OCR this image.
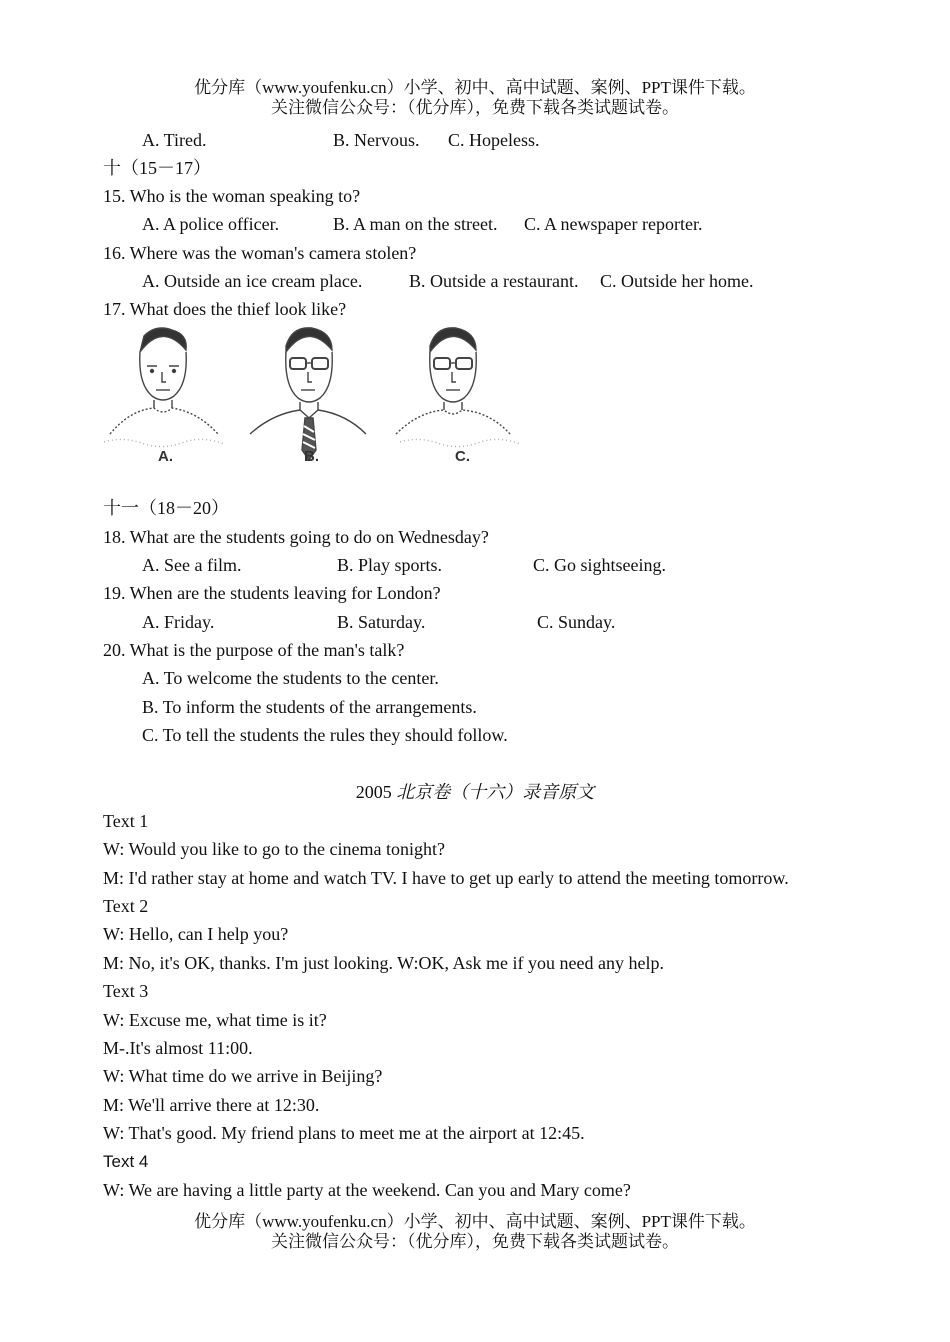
优分库（www.youfenku.cn）小学、初中、高中试题、案例、PPT课件下载。
关注微信公众号：（优分库），免费下载各类试题试卷。
A. Tired.	B. Nervous. C. Hopeless.
十（15－17）
15. Who is the woman speaking to?
A. A police officer.	B. A man on the street. C. A newspaper reporter.
16. Where was the woman's camera stolen?
A. Outside an ice cream place.	B. Outside a restaurant. C. Outside her home.
17. What does the thief look like?
A.	B.	C.
十一（18－20）
18. What are the students going to do on Wednesday?
A. See a film.	B. Play sports.	C. Go sightseeing.
19. When are the students leaving for London?
A. Friday.	B. Saturday.	C. Sunday.
20. What is the purpose of the man's talk?
A. To welcome the students to the center.
B. To inform the students of the arrangements.
C. To tell the students the rules they should follow.
2005 北京卷（十六）录音原文
Text 1
W: Would you like to go to the cinema tonight?
M: I'd rather stay at home and watch TV. I have to get up early to attend the meeting tomorrow.
Text 2
W: Hello, can I help you?
M: No, it's OK, thanks. I'm just looking. W:OK, Ask me if you need any help.
Text 3
W: Excuse me, what time is it?
M-.It's almost 11:00.
W: What time do we arrive in Beijing?
M: We'll arrive there at 12:30.
W: That's good. My friend plans to meet me at the airport at 12:45.
Text 4
W: We are having a little party at the weekend. Can you and Mary come?
优分库（www.youfenku.cn）小学、初中、高中试题、案例、PPT课件下载。
关注微信公众号：（优分库），免费下载各类试题试卷。
